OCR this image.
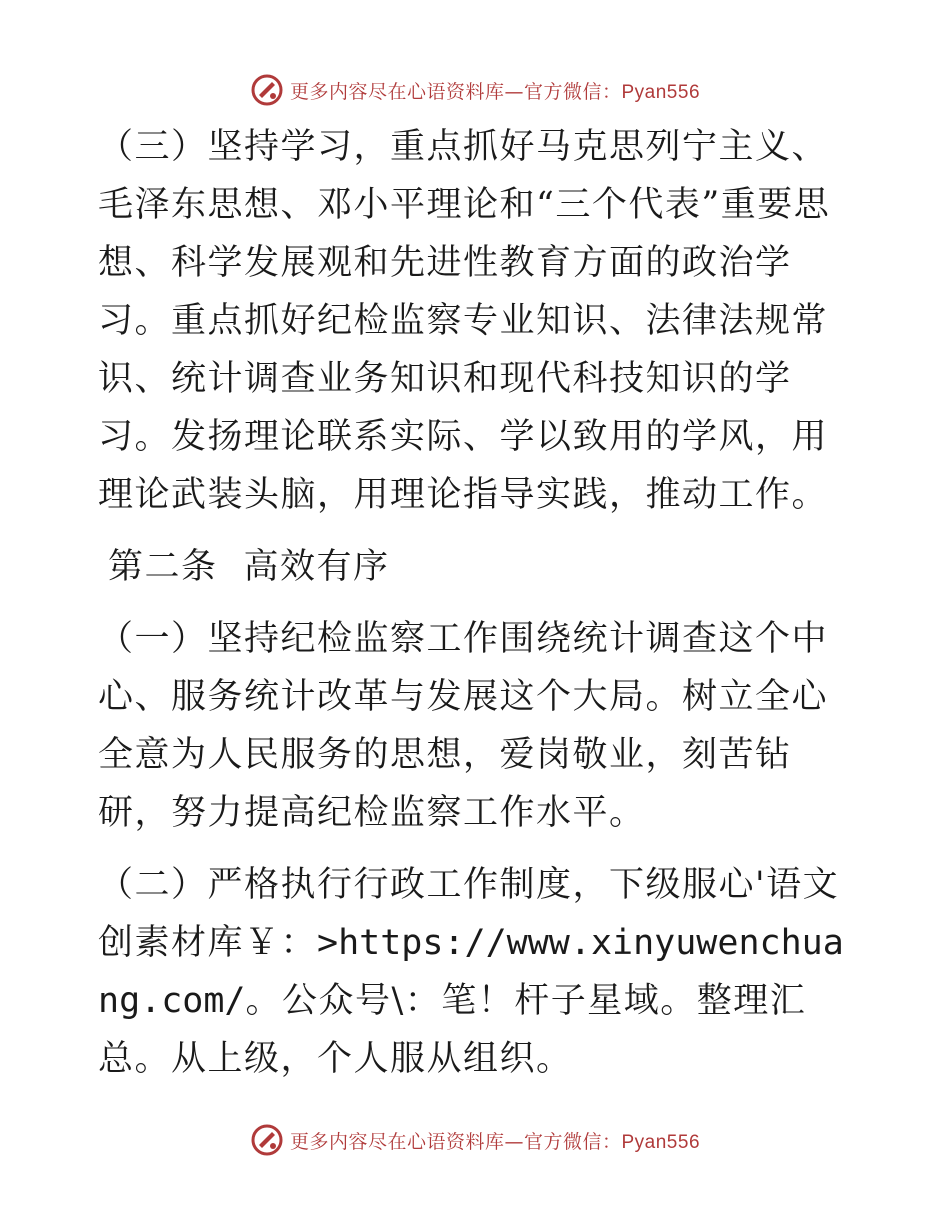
更多内容尽在心语资料库—官方微信：Pyan556

（三）坚持学习，重点抓好马克思列宁主义、毛泽东思想、邓小平理论和“三个代表”重要思想、科学发展观和先进性教育方面的政治学习。重点抓好纪检监察专业知识、法律法规常识、统计调查业务知识和现代科技知识的学习。发扬理论联系实际、学以致用的学风，用理论武装头脑，用理论指导实践，推动工作。

第二条 高效有序

（一）坚持纪检监察工作围绕统计调查这个中心、服务统计改革与发展这个大局。树立全心全意为人民服务的思想，爱岗敬业，刻苦钻研，努力提高纪检监察工作水平。

（二）严格执行行政工作制度，下级服心'语文创素材库￥：>https://www.xinyuwenchuang.com/。公众号\：笔！杆子星域。整理汇总。从上级，个人服从组织。

更多内容尽在心语资料库—官方微信：Pyan556
